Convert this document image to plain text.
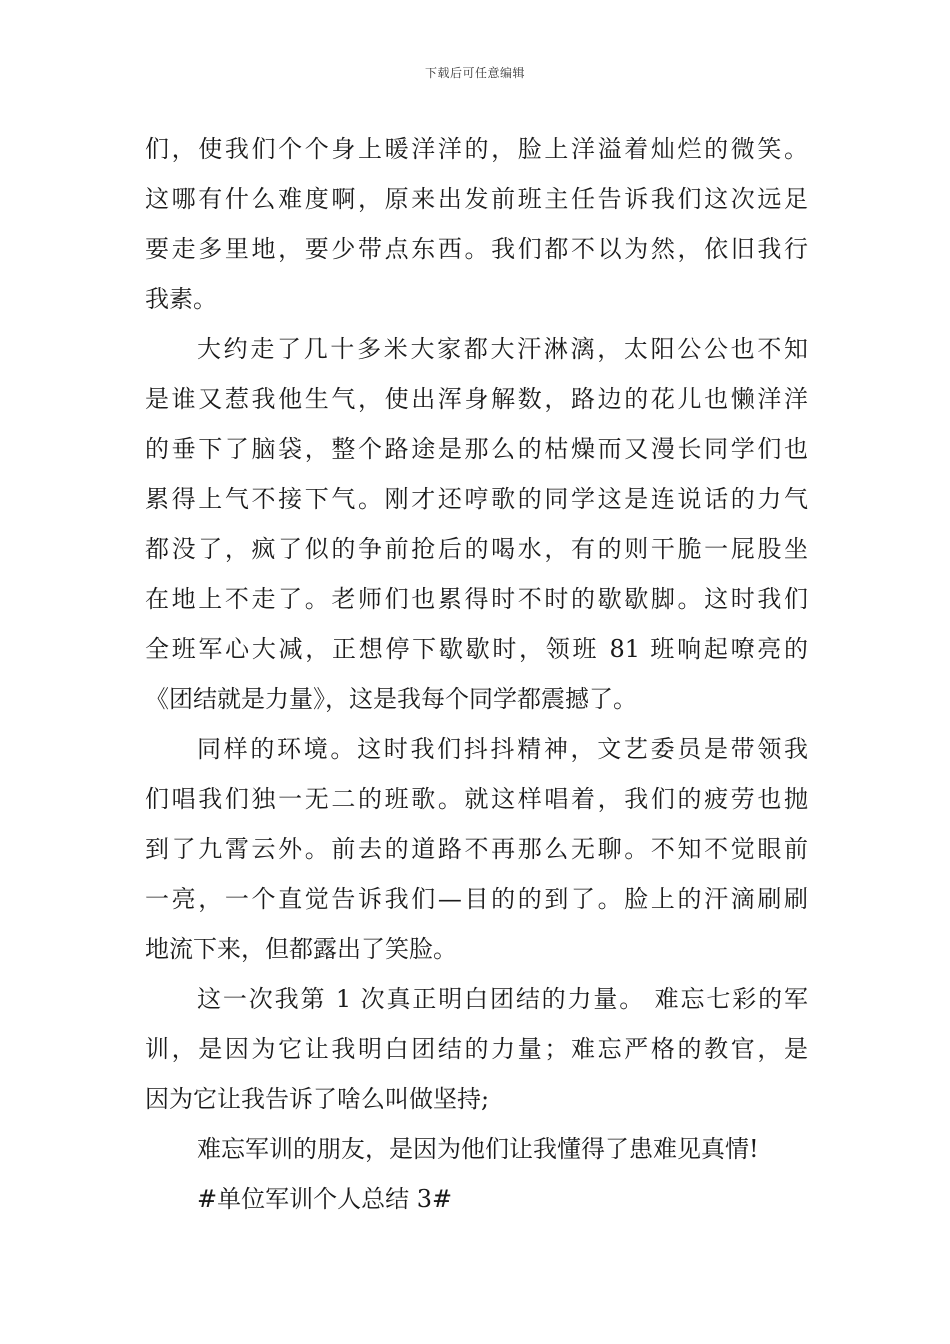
下载后可任意编辑
们，使我们个个身上暖洋洋的，脸上洋溢着灿烂的微笑。
这哪有什么难度啊，原来出发前班主任告诉我们这次远足
要走多里地，要少带点东西。我们都不以为然，依旧我行
我素。
大约走了几十多米大家都大汗淋漓，太阳公公也不知
是谁又惹我他生气，使出浑身解数，路边的花儿也懒洋洋
的垂下了脑袋，整个路途是那么的枯燥而又漫长同学们也
累得上气不接下气。刚才还哼歌的同学这是连说话的力气
都没了，疯了似的争前抢后的喝水，有的则干脆一屁股坐
在地上不走了。老师们也累得时不时的歇歇脚。这时我们
全班军心大减，正想停下歇歇时，领班 81 班响起嘹亮的
《团结就是力量》，这是我每个同学都震撼了。
同样的环境。这时我们抖抖精神，文艺委员是带领我
们唱我们独一无二的班歌。就这样唱着，我们的疲劳也抛
到了九霄云外。前去的道路不再那么无聊。不知不觉眼前
一亮，一个直觉告诉我们—目的的到了。脸上的汗滴刷刷
地流下来，但都露出了笑脸。
这一次我第 1 次真正明白团结的力量。 难忘七彩的军
训，是因为它让我明白团结的力量；难忘严格的教官，是
因为它让我告诉了啥么叫做坚持;
难忘军训的朋友，是因为他们让我懂得了患难见真情!
#单位军训个人总结 3#
